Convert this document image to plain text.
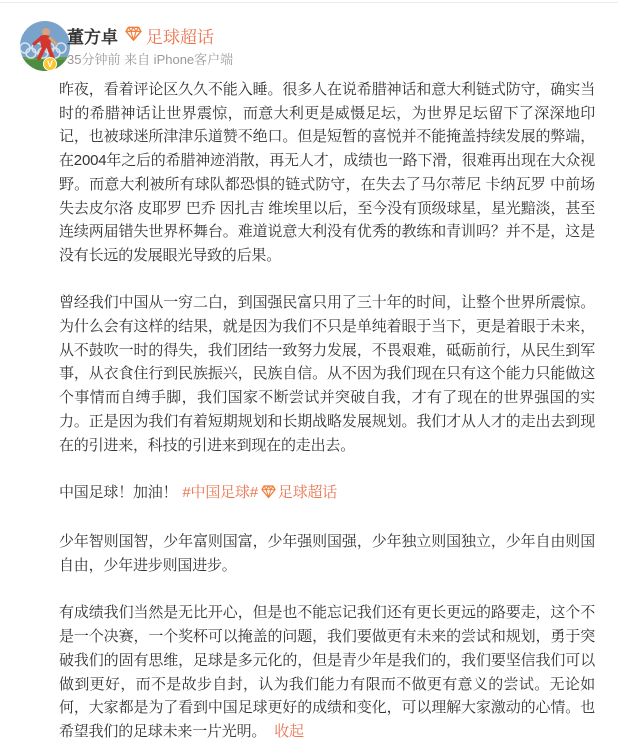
V
董方卓 足球超话
35分钟前 来自 iPhone客户端

昨夜，看着评论区久久不能入睡。很多人在说希腊神话和意大利链式防守，确实当时的希腊神话让世界震惊，而意大利更是威慑足坛，为世界足坛留下了深深地印记，也被球迷所津津乐道赞不绝口。但是短暂的喜悦并不能掩盖持续发展的弊端，在2004年之后的希腊神迹消散，再无人才，成绩也一路下滑，很难再出现在大众视野。而意大利被所有球队都恐惧的链式防守，在失去了马尔蒂尼 卡纳瓦罗 中前场失去皮尔洛 皮耶罗 巴乔 因扎吉 维埃里以后，至今没有顶级球星，星光黯淡，甚至连续两届错失世界杯舞台。难道说意大利没有优秀的教练和青训吗？并不是，这是没有长远的发展眼光导致的后果。

曾经我们中国从一穷二白，到国强民富只用了三十年的时间，让整个世界所震惊。为什么会有这样的结果，就是因为我们不只是单纯着眼于当下，更是着眼于未来，从不鼓吹一时的得失，我们团结一致努力发展，不畏艰难，砥砺前行，从民生到军事，从衣食住行到民族振兴，民族自信。从不因为我们现在只有这个能力只能做这个事情而自缚手脚，我们国家不断尝试并突破自我，才有了现在的世界强国的实力。正是因为我们有着短期规划和长期战略发展规划。我们才从人才的走出去到现在的引进来，科技的引进来到现在的走出去。

中国足球！加油！ #中国足球# 足球超话

少年智则国智，少年富则国富，少年强则国强，少年独立则国独立，少年自由则国自由，少年进步则国进步。

有成绩我们当然是无比开心，但是也不能忘记我们还有更长更远的路要走，这个不是一个决赛，一个奖杯可以掩盖的问题，我们要做更有未来的尝试和规划，勇于突破我们的固有思维，足球是多元化的，但是青少年是我们的，我们要坚信我们可以做到更好，而不是故步自封，认为我们能力有限而不做更有意义的尝试。无论如何，大家都是为了看到中国足球更好的成绩和变化，可以理解大家激动的心情。也希望我们的足球未来一片光明。 收起
